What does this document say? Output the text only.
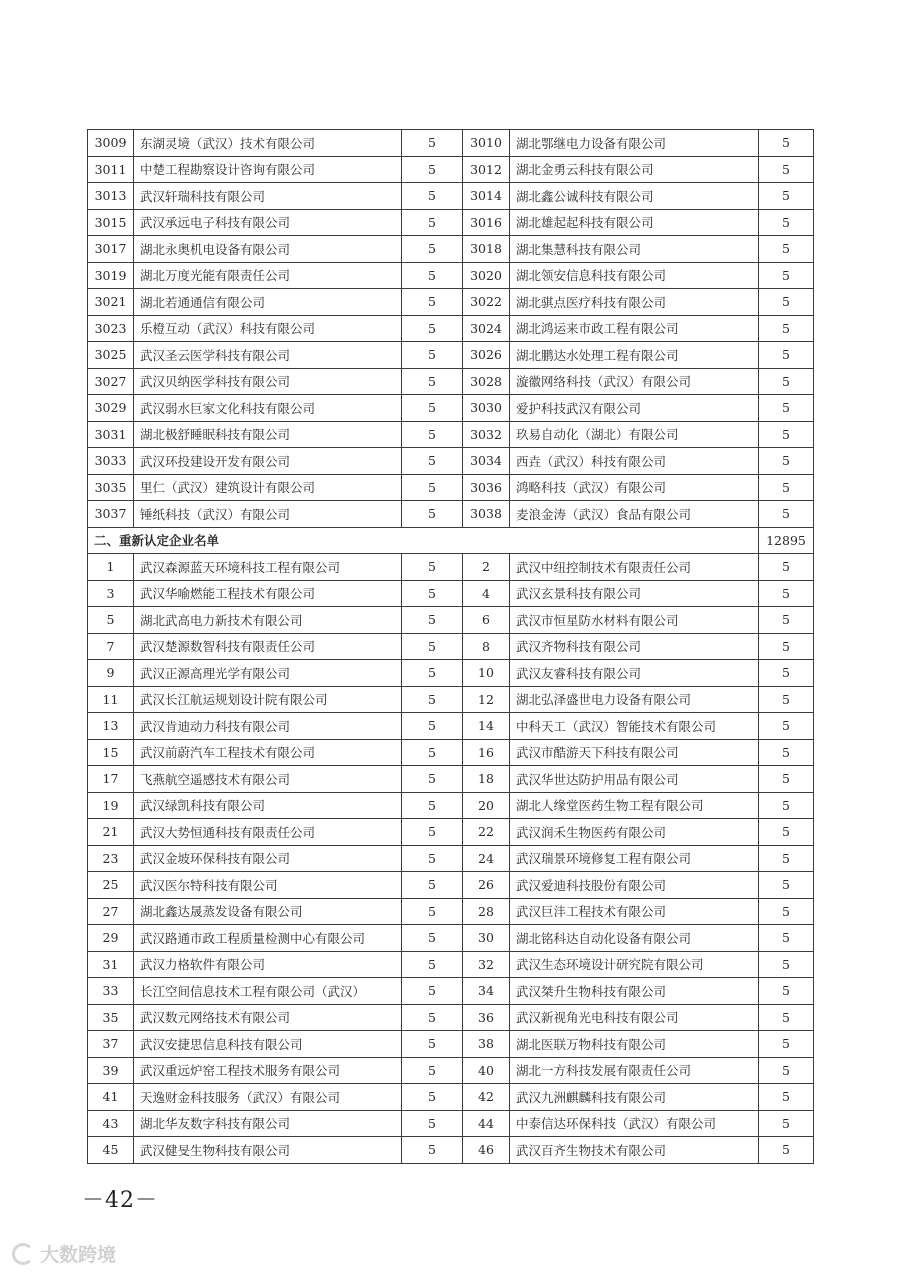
3009	东湖灵境（武汉）技术有限公司	5	3010	湖北鄂继电力设备有限公司	5
3011	中楚工程勘察设计咨询有限公司	5	3012	湖北金勇云科技有限公司	5
3013	武汉轩瑞科技有限公司	5	3014	湖北鑫公诚科技有限公司	5
3015	武汉承远电子科技有限公司	5	3016	湖北雄起起科技有限公司	5
3017	湖北永奥机电设备有限公司	5	3018	湖北集慧科技有限公司	5
3019	湖北万度光能有限责任公司	5	3020	湖北领安信息科技有限公司	5
3021	湖北若通通信有限公司	5	3022	湖北骐点医疗科技有限公司	5
3023	乐橙互动（武汉）科技有限公司	5	3024	湖北鸿运来市政工程有限公司	5
3025	武汉圣云医学科技有限公司	5	3026	湖北鹏达水处理工程有限公司	5
3027	武汉贝纳医学科技有限公司	5	3028	漩徽网络科技（武汉）有限公司	5
3029	武汉弱水巨家文化科技有限公司	5	3030	爱护科技武汉有限公司	5
3031	湖北极舒睡眠科技有限公司	5	3032	玖易自动化（湖北）有限公司	5
3033	武汉环投建设开发有限公司	5	3034	西垚（武汉）科技有限公司	5
3035	里仁（武汉）建筑设计有限公司	5	3036	鸿略科技（武汉）有限公司	5
3037	锤纸科技（武汉）有限公司	5	3038	麦浪金涛（武汉）食品有限公司	5
二、重新认定企业名单					12895
1	武汉森源蓝天环境科技工程有限公司	5	2	武汉中纽控制技术有限责任公司	5
3	武汉华喻燃能工程技术有限公司	5	4	武汉玄景科技有限公司	5
5	湖北武高电力新技术有限公司	5	6	武汉市恒星防水材料有限公司	5
7	武汉楚源数智科技有限责任公司	5	8	武汉齐物科技有限公司	5
9	武汉正源高理光学有限公司	5	10	武汉友睿科技有限公司	5
11	武汉长江航运规划设计院有限公司	5	12	湖北弘泽盛世电力设备有限公司	5
13	武汉肯迪动力科技有限公司	5	14	中科天工（武汉）智能技术有限公司	5
15	武汉前蔚汽车工程技术有限公司	5	16	武汉市酷游天下科技有限公司	5
17	飞燕航空遥感技术有限公司	5	18	武汉华世达防护用品有限公司	5
19	武汉绿凯科技有限公司	5	20	湖北人缘堂医药生物工程有限公司	5
21	武汉大势恒通科技有限责任公司	5	22	武汉润禾生物医药有限公司	5
23	武汉金坡环保科技有限公司	5	24	武汉瑞景环境修复工程有限公司	5
25	武汉医尔特科技有限公司	5	26	武汉爱迪科技股份有限公司	5
27	湖北鑫达晟蒸发设备有限公司	5	28	武汉巨沣工程技术有限公司	5
29	武汉路通市政工程质量检测中心有限公司	5	30	湖北铭科达自动化设备有限公司	5
31	武汉力格软件有限公司	5	32	武汉生态环境设计研究院有限公司	5
33	长江空间信息技术工程有限公司（武汉）	5	34	武汉桀升生物科技有限公司	5
35	武汉数元网络技术有限公司	5	36	武汉新视角光电科技有限公司	5
37	武汉安捷思信息科技有限公司	5	38	湖北医联万物科技有限公司	5
39	武汉重远炉窑工程技术服务有限公司	5	40	湖北一方科技发展有限责任公司	5
41	天逸财金科技服务（武汉）有限公司	5	42	武汉九洲麒麟科技有限公司	5
43	湖北华友数字科技有限公司	5	44	中泰信达环保科技（武汉）有限公司	5
45	武汉健旻生物科技有限公司	5	46	武汉百齐生物技术有限公司	5
－42－
大数跨境
